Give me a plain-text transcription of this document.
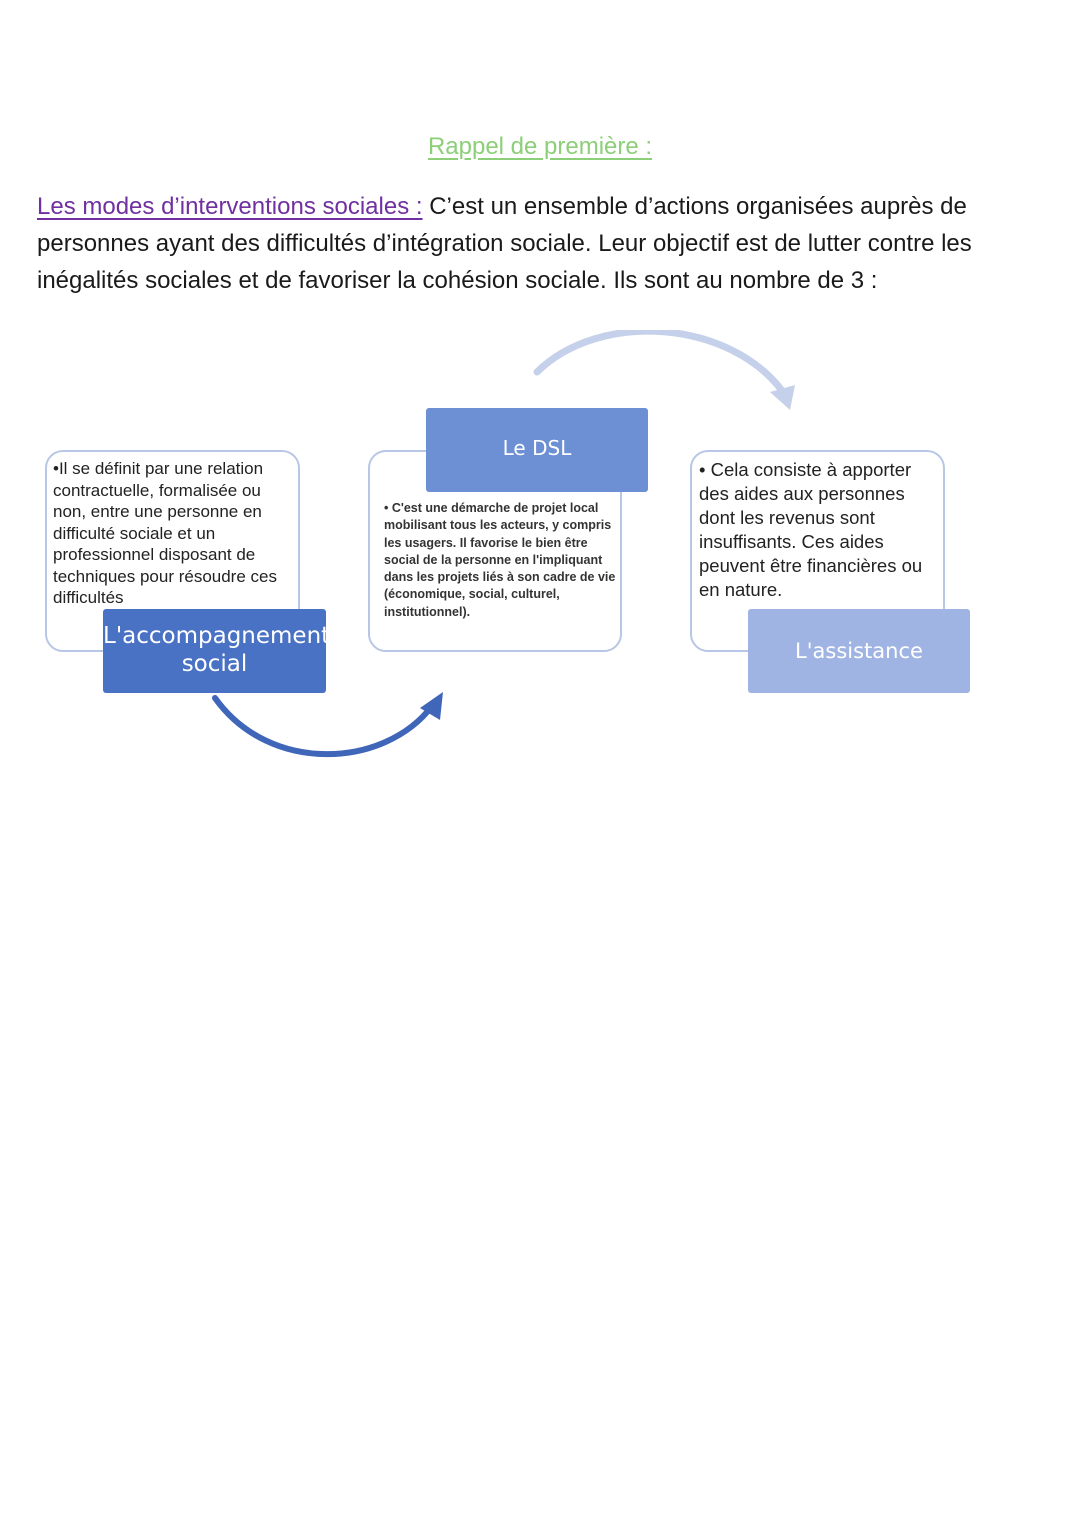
Rappel de première :
Les modes d’interventions sociales : C’est un ensemble d’actions organisées auprès de personnes ayant des difficultés d’intégration sociale. Leur objectif est de lutter contre les inégalités sociales et de favoriser la cohésion sociale. Ils sont au nombre de 3 :
•Il se définit par une relation contractuelle, formalisée ou non, entre une personne en difficulté sociale et un professionnel disposant de techniques pour résoudre ces difficultés
L'accompagnement
social
• C'est une démarche de projet local mobilisant tous les acteurs, y compris les usagers. Il favorise le bien être social de la personne en l'impliquant dans les projets liés à son cadre de vie (économique, social, culturel, institutionnel).
Le DSL
• Cela consiste à apporter des aides aux personnes dont les revenus sont insuffisants. Ces aides peuvent être financières ou en nature.
L'assistance
